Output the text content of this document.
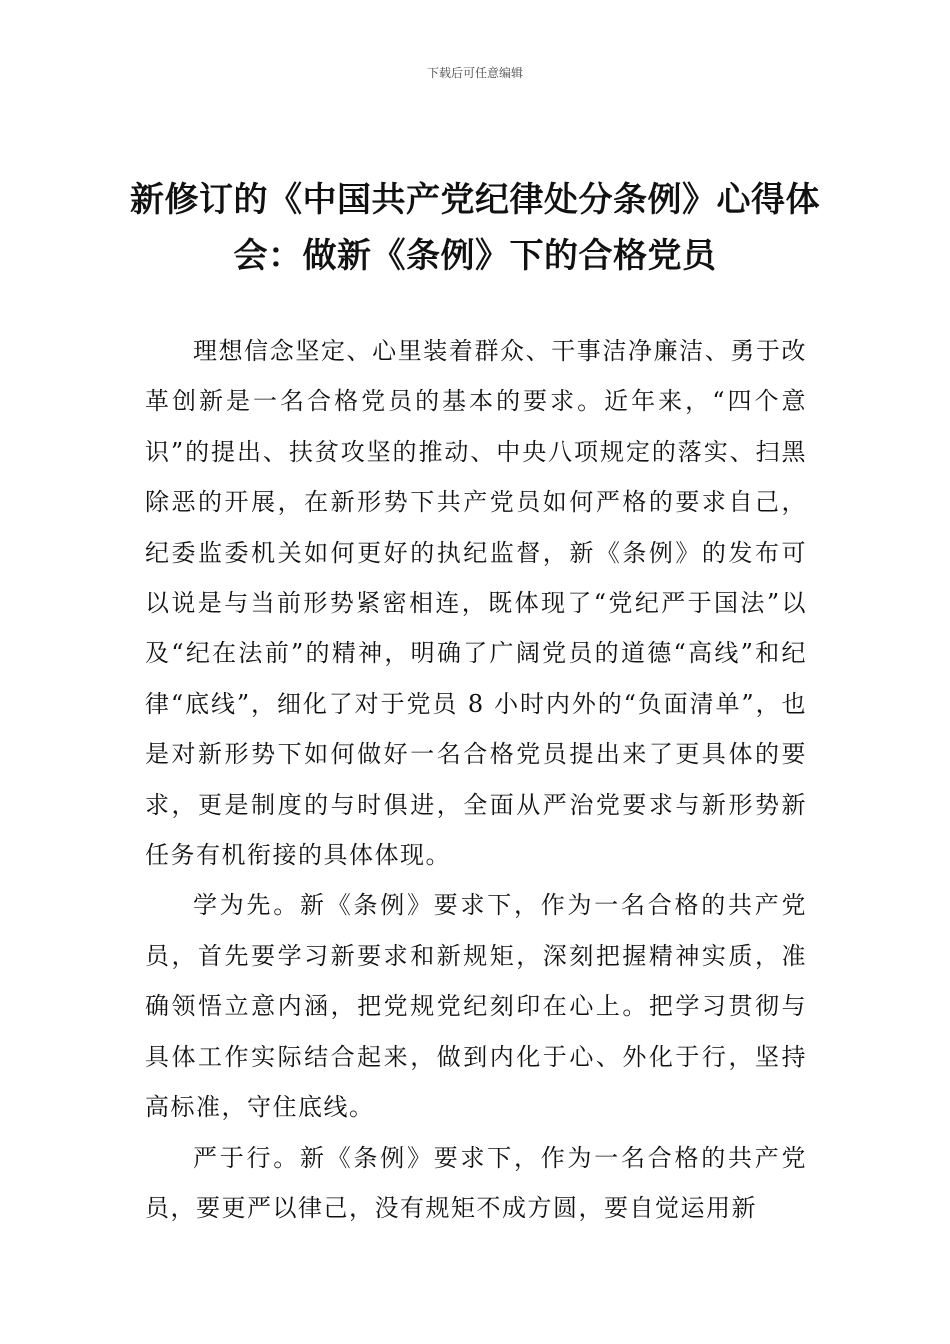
下载后可任意编辑
新修订的《中国共产党纪律处分条例》心得体会：做新《条例》下的合格党员

理想信念坚定、心里装着群众、干事洁净廉洁、勇于改革创新是一名合格党员的基本的要求。近年来，“四个意识”的提出、扶贫攻坚的推动、中央八项规定的落实、扫黑除恶的开展，在新形势下共产党员如何严格的要求自己，纪委监委机关如何更好的执纪监督，新《条例》的发布可以说是与当前形势紧密相连，既体现了“党纪严于国法”以及“纪在法前”的精神，明确了广阔党员的道德“高线”和纪律“底线”，细化了对于党员 8 小时内外的“负面清单”，也是对新形势下如何做好一名合格党员提出来了更具体的要求，更是制度的与时俱进，全面从严治党要求与新形势新任务有机衔接的具体体现。

学为先。新《条例》要求下，作为一名合格的共产党员，首先要学习新要求和新规矩，深刻把握精神实质，准确领悟立意内涵，把党规党纪刻印在心上。把学习贯彻与具体工作实际结合起来，做到内化于心、外化于行，坚持高标准，守住底线。

严于行。新《条例》要求下，作为一名合格的共产党员，要更严以律己，没有规矩不成方圆，要自觉运用新
